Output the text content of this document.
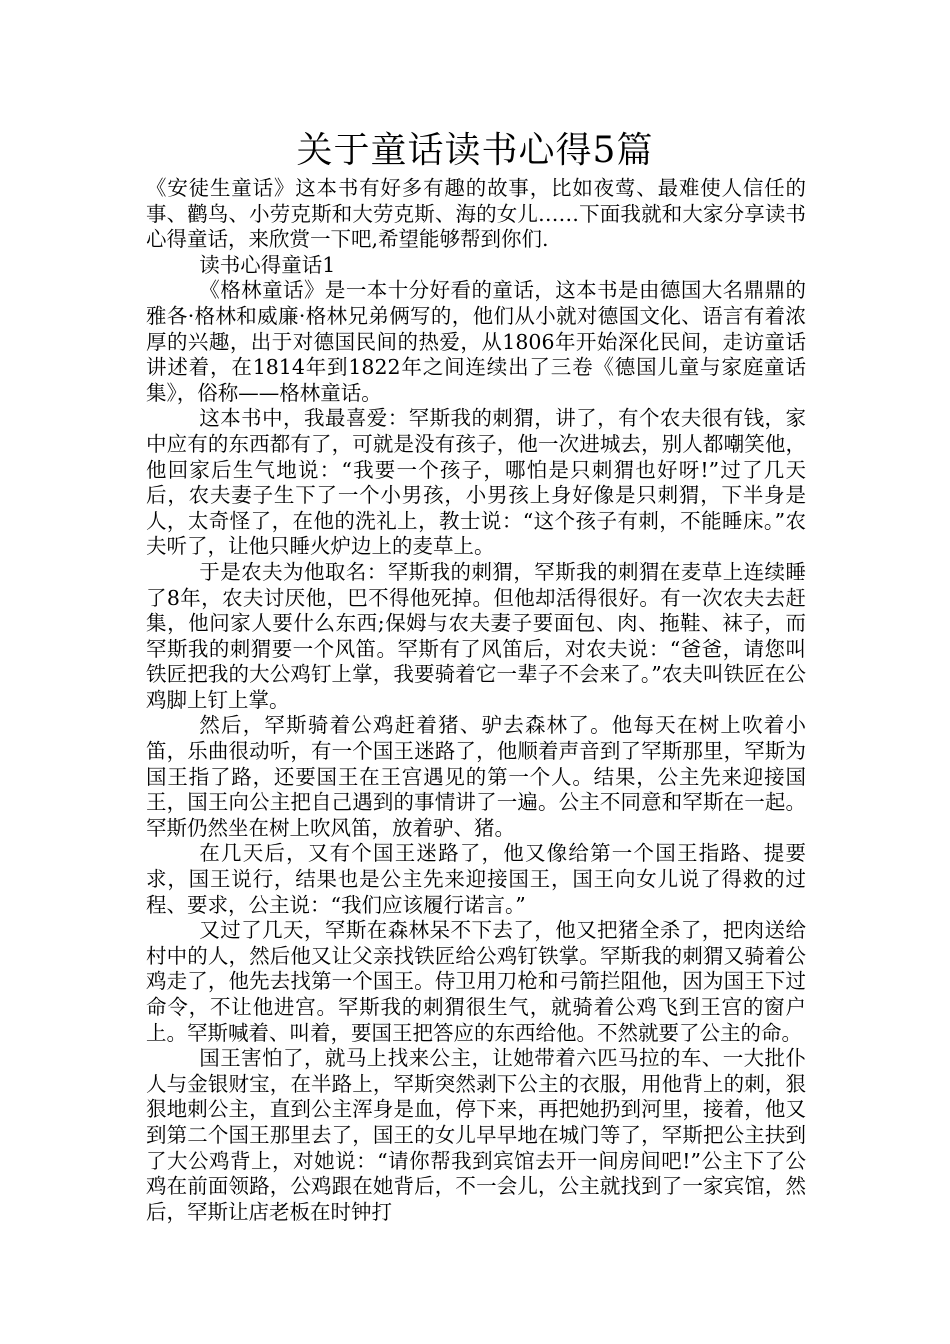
关于童话读书心得5篇

《安徒生童话》这本书有好多有趣的故事，比如夜莺、最难使人信任的事、鹳鸟、小劳克斯和大劳克斯、海的女儿……下面我就和大家分享读书心得童话，来欣赏一下吧,希望能够帮到你们.

读书心得童话1

《格林童话》是一本十分好看的童话，这本书是由德国大名鼎鼎的雅各·格林和威廉·格林兄弟俩写的，他们从小就对德国文化、语言有着浓厚的兴趣，出于对德国民间的热爱，从1806年开始深化民间，走访童话讲述着，在1814年到1822年之间连续出了三卷《德国儿童与家庭童话集》，俗称——格林童话。

这本书中，我最喜爱：罕斯我的刺猬，讲了，有个农夫很有钱，家中应有的东西都有了，可就是没有孩子，他一次进城去，别人都嘲笑他，他回家后生气地说：“我要一个孩子，哪怕是只刺猬也好呀!”过了几天后，农夫妻子生下了一个小男孩，小男孩上身好像是只刺猬，下半身是人，太奇怪了，在他的洗礼上，教士说：“这个孩子有刺，不能睡床。”农夫听了，让他只睡火炉边上的麦草上。

于是农夫为他取名：罕斯我的刺猬，罕斯我的刺猬在麦草上连续睡了8年，农夫讨厌他，巴不得他死掉。但他却活得很好。有一次农夫去赶集，他问家人要什么东西;保姆与农夫妻子要面包、肉、拖鞋、袜子，而罕斯我的刺猬要一个风笛。罕斯有了风笛后，对农夫说：“爸爸，请您叫铁匠把我的大公鸡钉上掌，我要骑着它一辈子不会来了。”农夫叫铁匠在公鸡脚上钉上掌。

然后，罕斯骑着公鸡赶着猪、驴去森林了。他每天在树上吹着小笛，乐曲很动听，有一个国王迷路了，他顺着声音到了罕斯那里，罕斯为国王指了路，还要国王在王宫遇见的第一个人。结果，公主先来迎接国王，国王向公主把自己遇到的事情讲了一遍。公主不同意和罕斯在一起。罕斯仍然坐在树上吹风笛，放着驴、猪。

在几天后，又有个国王迷路了，他又像给第一个国王指路、提要求，国王说行，结果也是公主先来迎接国王，国王向女儿说了得救的过程、要求，公主说：“我们应该履行诺言。”

又过了几天，罕斯在森林呆不下去了，他又把猪全杀了，把肉送给村中的人，然后他又让父亲找铁匠给公鸡钉铁掌。罕斯我的刺猬又骑着公鸡走了，他先去找第一个国王。侍卫用刀枪和弓箭拦阻他，因为国王下过命令，不让他进宫。罕斯我的刺猬很生气，就骑着公鸡飞到王宫的窗户上。罕斯喊着、叫着，要国王把答应的东西给他。不然就要了公主的命。

国王害怕了，就马上找来公主，让她带着六匹马拉的车、一大批仆人与金银财宝，在半路上，罕斯突然剥下公主的衣服，用他背上的刺，狠狠地刺公主，直到公主浑身是血，停下来，再把她扔到河里，接着，他又到第二个国王那里去了，国王的女儿早早地在城门等了，罕斯把公主扶到了大公鸡背上，对她说：“请你帮我到宾馆去开一间房间吧!”公主下了公鸡在前面领路，公鸡跟在她背后，不一会儿，公主就找到了一家宾馆，然后，罕斯让店老板在时钟打
